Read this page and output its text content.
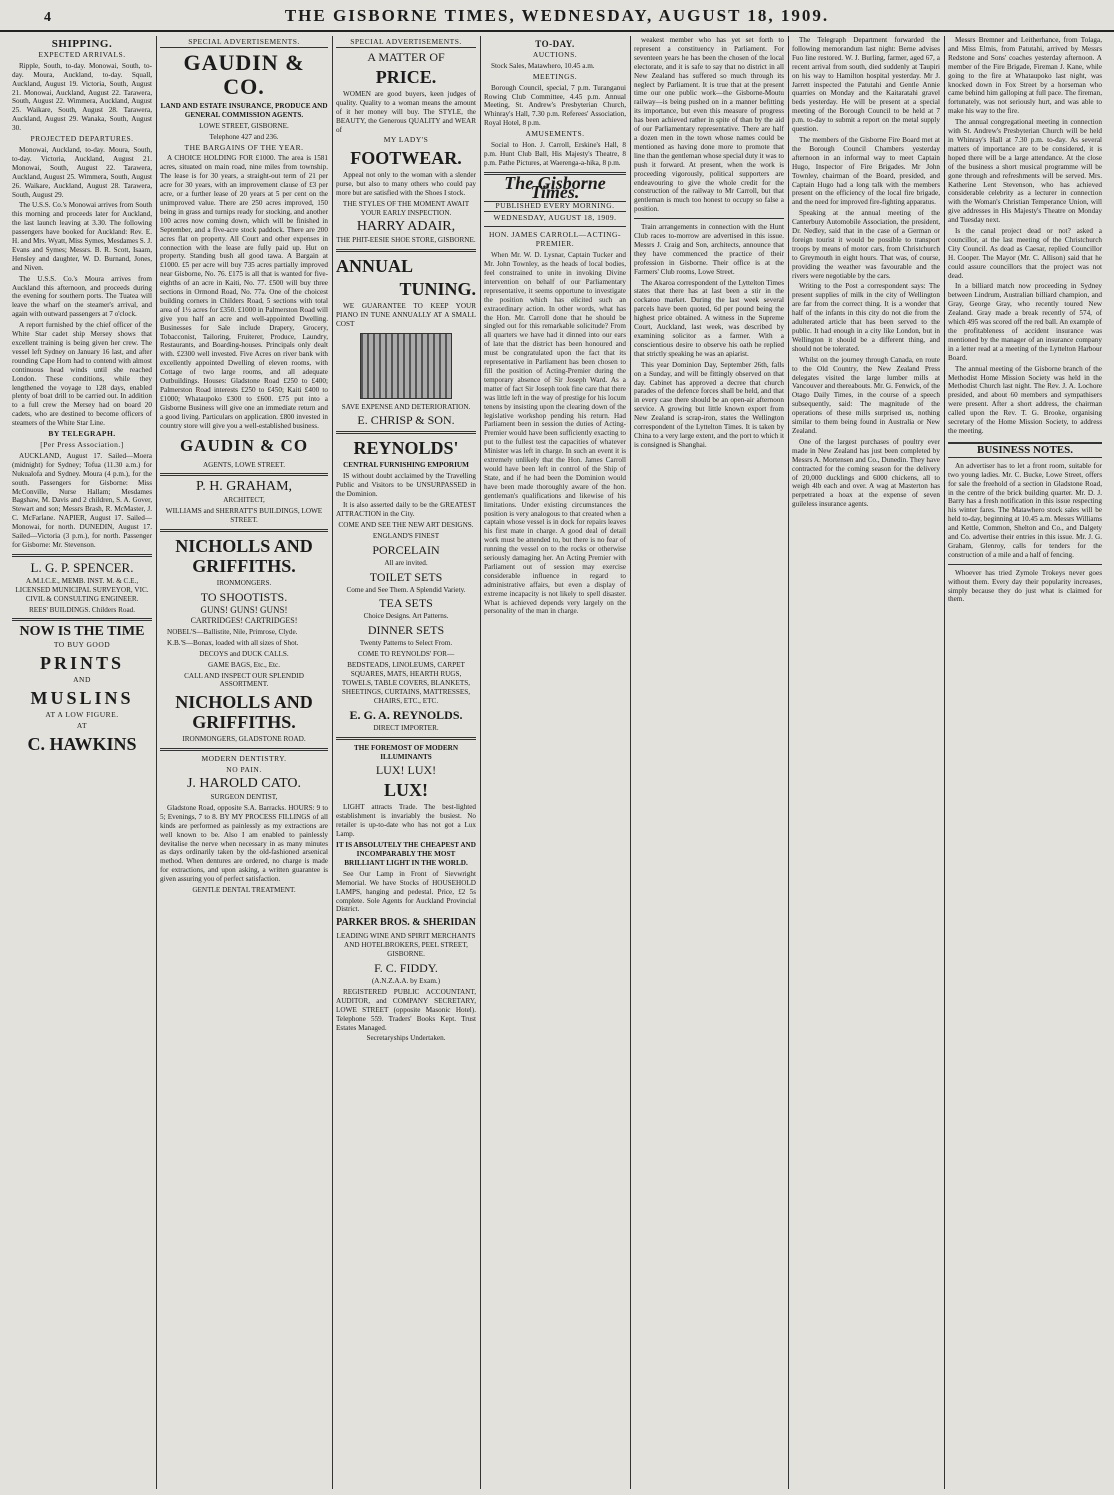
4	THE GISBORNE TIMES, WEDNESDAY, AUGUST 18, 1909.
SHIPPING.
EXPECTED ARRIVALS.

Ripple, South, to-day. Monowai, South, to-day. Moura, Auckland, to-day. Squall, Auckland, August 19. Victoria, South, August 21. Monowai, Auckland, August 22. Tarawera, South, August 22. Wimmera, Auckland, August 25. Waikare, South, August 28. Tarawera, Auckland, August 29. Wanaka, South, August 30.

PROJECTED DEPARTURES.

Monowai, Auckland, to-day. Moura, South, to-day. Victoria, Auckland, August 21. Monowai, South, August 22. Tarawera, Auckland, August 25. Wimmera, South, August 26. Waikare, Auckland, August 28. Tarawera, South, August 29.

The U.S.S. Co.'s Monowai arrives from South this morning and proceeds later for Auckland, the last launch leaving at 3.30. The following passengers have booked for Auckland: Rev. E. H. and Mrs. Wyatt, Miss Symes, Mesdames S. J. Evans and Symes; Messrs. B. R. Scott, Isaam, Hensley and daughter, W. D. Burnand, Jones, and Niven.

The U.S.S. Co.'s Moura arrives from Auckland this afternoon, and proceeds during the evening for southern ports. The Tuatea will leave the wharf on the steamer's arrival, and again with outward passengers at 7 o'clock.

A report furnished by the chief officer of the White Star cadet ship Mersey shows that excellent training is being given her crew. The vessel left Sydney on January 16 last, and after rounding Cape Horn had to contend with almost continuous head winds until she reached London. These conditions, while they lengthened the voyage to 128 days, enabled plenty of boat drill to be carried out. In addition to a full crew the Mersey had on board 20 cadets, who are destined to become officers of steamers of the White Star Line.

BY TELEGRAPH.
[Per Press Association.]

AUCKLAND, August 17. Sailed—Moera (midnight) for Sydney; Tofua (11.30 a.m.) for Nukualofa and Sydney. Moura (4 p.m.), for the south. Passengers for Gisborne: Miss McConville, Nurse Hallam; Mesdames Bagshaw, M. Davis and 2 children, S. A. Gover, Stewart and son; Messrs Brash, R. McMaster, J. C. McFarlane. NAPIER, August 17. Sailed—Monowai, for north. DUNEDIN, August 17. Sailed—Victoria (3 p.m.), for north. Passenger for Gisborne: Mr. Stevenson.

L. G. P. SPENCER.

A.M.I.C.E., MEMB. INST. M. & C.E., LICENSED MUNICIPAL SURVEYOR, VIC. CIVIL & CONSULTING ENGINEER.

REES' BUILDINGS. Childers Road.

NOW IS THE TIME
TO BUY GOOD
PRINTS
AND
MUSLINS
AT A LOW FIGURE.
AT
C. HAWKINS
SPECIAL ADVERTISEMENTS.
GAUDIN & CO.

LAND AND ESTATE INSURANCE, PRODUCE AND GENERAL COMMISSION AGENTS.

LOWE STREET, GISBORNE.

Telephone 427 and 236.

THE BARGAINS OF THE YEAR.

A CHOICE HOLDING FOR £1000. The area is 1581 acres, situated on main road, nine miles from township. The lease is for 30 years, a straight-out term of 21 per acre for 30 years, with an improvement clause of £3 per acre, or a further lease of 20 years at 5 per cent on the unimproved value. There are 250 acres improved, 150 being in grass and turnips ready for stocking, and another 100 acres now coming down, which will be finished in September, and a five-acre stock paddock. There are 200 acres flat on property. All Court and other expenses in connection with the lease are fully paid up. Hut on property. Standing bush all good tawa. A Bargain at £1000. £5 per acre will buy 735 acres partially improved near Gisborne, No. 76. £175 is all that is wanted for five-eighths of an acre in Kaiti, No. 77. £500 will buy three sections in Ormond Road, No. 77a. One of the choicest building corners in Childers Road, 5 sections with total area of 1½ acres for £350. £1000 in Palmerston Road will give you half an acre and well-appointed Dwelling. Businesses for Sale include Drapery, Grocery, Tobacconist, Tailoring, Fruiterer, Produce, Laundry, Restaurants, and Boarding-houses. Principals only dealt with. £2300 well invested. Five Acres on river bank with excellently appointed Dwelling of eleven rooms, with Cottage of two large rooms, and all adequate Outbuildings. Houses: Gladstone Road £250 to £400; Palmerston Road interests £250 to £450; Kaiti £400 to £1000; Whataupoko £300 to £600. £75 put into a Gisborne Business will give one an immediate return and a good living. Particulars on application. £800 invested in country store will give you a well-established business.

GAUDIN & CO

AGENTS, LOWE STREET.

P. H. GRAHAM,

ARCHITECT,

WILLIAMS and SHERRATT'S BUILDINGS, LOWE STREET.

NICHOLLS AND GRIFFITHS.

IRONMONGERS.

TO SHOOTISTS.

GUNS! GUNS! GUNS!

CARTRIDGES! CARTRIDGES!

NOBEL'S—Ballistite, Nile, Primrose, Clyde.

K.B.'S—Bonax, loaded with all sizes of Shot.

DECOYS and DUCK CALLS.

GAME BAGS, Etc., Etc.

CALL AND INSPECT OUR SPLENDID ASSORTMENT.

NICHOLLS AND GRIFFITHS.

IRONMONGERS, GLADSTONE ROAD.

MODERN DENTISTRY.
NO PAIN.
J. HAROLD CATO.

SURGEON DENTIST,

Gladstone Road, opposite S.A. Barracks. HOURS: 9 to 5; Evenings, 7 to 8. BY MY PROCESS FILLINGS of all kinds are performed as painlessly as my extractions are well known to be. Also I am enabled to painlessly devitalise the nerve when necessary in as many minutes as days ordinarily taken by the old-fashioned arsenical method. When dentures are ordered, no charge is made for extractions, and upon asking, a written guarantee is given assuring you of perfect satisfaction.

GENTLE DENTAL TREATMENT.

SPECIAL ADVERTISEMENTS.
A MATTER OF
PRICE.

WOMEN are good buyers, keen judges of quality. Quality to a woman means the amount of it her money will buy. The STYLE, the BEAUTY, the Generous QUALITY and WEAR of

MY LADY'S
FOOTWEAR.

Appeal not only to the woman with a slender purse, but also to many others who could pay more but are satisfied with the Shoes I stock.

THE STYLES OF THE MOMENT AWAIT YOUR EARLY INSPECTION.

HARRY ADAIR,

THE PHIT-EESIE SHOE STORE, GISBORNE.

ANNUAL
TUNING.

WE GUARANTEE TO KEEP YOUR PIANO IN TUNE ANNUALLY AT A SMALL COST

SAVE EXPENSE AND DETERIORATION.

E. CHRISP & SON.
REYNOLDS'

CENTRAL FURNISHING EMPORIUM

IS without doubt acclaimed by the Travelling Public and Visitors to be UNSURPASSED in the Dominion.

It is also asserted daily to be the GREATEST ATTRACTION in the City.

COME AND SEE THE NEW ART DESIGNS.

ENGLAND'S FINEST

PORCELAIN

All are invited.

TOILET SETS

Come and See Them. A Splendid Variety.

TEA SETS

Choice Designs. Art Patterns.

DINNER SETS

Twenty Patterns to Select From.

COME TO REYNOLDS' FOR—

BEDSTEADS, LINOLEUMS, CARPET SQUARES, MATS, HEARTH RUGS, TOWELS, TABLE COVERS, BLANKETS, SHEETINGS, CURTAINS, MATTRESSES, CHAIRS, ETC., ETC.

E. G. A. REYNOLDS.

DIRECT IMPORTER.

THE FOREMOST OF MODERN ILLUMINANTS

LUX! LUX!
LUX!

LIGHT attracts Trade. The best-lighted establishment is invariably the busiest. No retailer is up-to-date who has not got a Lux Lamp.

IT IS ABSOLUTELY THE CHEAPEST AND INCOMPARABLY THE MOST BRILLIANT LIGHT IN THE WORLD.

See Our Lamp in Front of Sievwright Memorial. We have Stocks of HOUSEHOLD LAMPS, hanging and pedestal. Price, £2 5s complete. Sole Agents for Auckland Provincial District.

PARKER BROS. & SHERIDAN

LEADING WINE AND SPIRIT MERCHANTS AND HOTELBROKERS, PEEL STREET, GISBORNE.

F. C. FIDDY.

(A.N.Z.A.A. by Exam.)

REGISTERED PUBLIC ACCOUNTANT, AUDITOR, and COMPANY SECRETARY, LOWE STREET (opposite Masonic Hotel). Telephone 559. Traders' Books Kept. Trust Estates Managed.

Secretaryships Undertaken.

TO-DAY.
AUCTIONS.

Stock Sales, Matawhero, 10.45 a.m.

MEETINGS.

Borough Council, special, 7 p.m. Turanganui Rowing Club Committee, 4.45 p.m. Annual Meeting, St. Andrew's Presbyterian Church, Whinray's Hall, 7.30 p.m. Referees' Association, Royal Hotel, 8 p.m.

AMUSEMENTS.

Social to Hon. J. Carroll, Erskine's Hall, 8 p.m. Hunt Club Ball, His Majesty's Theatre, 8 p.m. Pathe Pictures, at Waerenga-a-hika, 8 p.m.

The Gisborne Times.
PUBLISHED EVERY MORNING.
WEDNESDAY, AUGUST 18, 1909.
HON. JAMES CARROLL—ACTING-PREMIER.

When Mr. W. D. Lysnar, Captain Tucker and Mr. John Townley, as the heads of local bodies, feel constrained to unite in invoking Divine intervention on behalf of our Parliamentary representative, it seems opportune to investigate the position which has elicited such an extraordinary action. In other words, what has the Hon. Mr. Carroll done that he should be singled out for this remarkable solicitude? From all quarters we have had it dinned into our ears of late that the district has been honoured and must be congratulated upon the fact that its representative in Parliament has been chosen to fill the position of Acting-Premier during the temporary absence of Sir Joseph Ward. As a matter of fact Sir Joseph took fine care that there was little left in the way of prestige for his locum tenens by insisting upon the clearing down of the legislative workshop pending his return. Had Parliament been in session the duties of Acting-Premier would have been sufficiently exacting to put to the fullest test the capacities of whatever Minister was left in charge. In such an event it is extremely unlikely that the Hon. James Carroll would have been left in control of the Ship of State, and if he had been the Dominion would have been made thoroughly aware of the hon. gentleman's qualifications and likewise of his limitations. Under existing circumstances the position is very analogous to that created when a captain whose vessel is in dock for repairs leaves his first mate in charge. A good deal of detail work must be attended to, but there is no fear of running the vessel on to the rocks or otherwise seriously damaging her. An Acting Premier with Parliament out of session may exercise considerable influence in regard to administrative affairs, but even a display of extreme incapacity is not likely to spell disaster. What is achieved depends very largely on the personality of the man in charge.

weakest member who has yet set forth to represent a constituency in Parliament. For seventeen years he has been the chosen of the local electorate, and it is safe to say that no district in all New Zealand has suffered so much through its neglect by Parliament. It is true that at the present time our one public work—the Gisborne-Moutu railway—is being pushed on in a manner befitting its importance, but even this measure of progress has been achieved rather in spite of than by the aid of our Parliamentary representative. There are half a dozen men in the town whose names could be mentioned as having done more to promote that line than the gentleman whose special duty it was to push it forward. At present, when the work is proceeding vigorously, political supporters are endeavouring to give the whole credit for the construction of the railway to Mr Carroll, but that gentleman is much too honest to occupy so false a position.

Train arrangements in connection with the Hunt Club races to-morrow are advertised in this issue. Messrs J. Craig and Son, architects, announce that they have commenced the practice of their profession in Gisborne. Their office is at the Farmers' Club rooms, Lowe Street.

The Akaroa correspondent of the Lyttelton Times states that there has at last been a stir in the cockatoo market. During the last week several parcels have been quoted, 6d per pound being the highest price obtained. A witness in the Supreme Court, Auckland, last week, was described by examining solicitor as a farmer. With a conscientious desire to observe his oath he replied that strictly speaking he was an apiarist.

This year Dominion Day, September 26th, falls on a Sunday, and will be fittingly observed on that day. Cabinet has approved a decree that church parades of the defence forces shall be held, and that in every case there should be an open-air afternoon service. A growing but little known export from New Zealand is scrap-iron, states the Wellington correspondent of the Lyttelton Times. It is taken by China to a very large extent, and the port to which it is consigned is Shanghai.

The Telegraph Department forwarded the following memorandum last night: Berne advises Fuo line restored. W. J. Burling, farmer, aged 67, a recent arrival from south, died suddenly at Taupiri on his way to Hamilton hospital yesterday. Mr J. Jarrett inspected the Patutahi and Gentle Annie quarries on Monday and the Kaitaratahi gravel beds yesterday. He will be present at a special meeting of the Borough Council to be held at 7 p.m. to-day to submit a report on the metal supply question.

The members of the Gisborne Fire Board met at the Borough Council Chambers yesterday afternoon in an informal way to meet Captain Hugo, Inspector of Fire Brigades. Mr John Townley, chairman of the Board, presided, and Captain Hugo had a long talk with the members present on the efficiency of the local fire brigade, and the need for improved fire-fighting apparatus.

Speaking at the annual meeting of the Canterbury Automobile Association, the president, Dr. Nedley, said that in the case of a German or foreign tourist it would be possible to transport troops by means of motor cars, from Christchurch to Greymouth in eight hours. That was, of course, providing the weather was favourable and the rivers were negotiable by the cars.

Writing to the Post a correspondent says: The present supplies of milk in the city of Wellington are far from the correct thing. It is a wonder that half of the infants in this city do not die from the adulterated article that has been served to the public. It had enough in a city like London, but in Wellington it should be a different thing, and should not be tolerated.

Whilst on the journey through Canada, en route to the Old Country, the New Zealand Press delegates visited the large lumber mills at Vancouver and thereabouts. Mr. G. Fenwick, of the Otago Daily Times, in the course of a speech subsequently, said: The magnitude of the operations of these mills surprised us, nothing similar to them being found in Australia or New Zealand.

One of the largest purchases of poultry ever made in New Zealand has just been completed by Messrs A. Mortensen and Co., Dunedin. They have contracted for the coming season for the delivery of 20,000 ducklings and 6000 chickens, all to weigh 4lb each and over. A wag at Masterton has perpetrated a hoax at the expense of seven guileless insurance agents.

Messrs Bremner and Leitherhance, from Tolaga, and Miss Elmis, from Patutahi, arrived by Messrs Redstone and Sons' coaches yesterday afternoon. A member of the Fire Brigade, Fireman J. Kane, while going to the fire at Whataupoko last night, was knocked down in Fox Street by a horseman who came behind him galloping at full pace. The fireman, fortunately, was not seriously hurt, and was able to make his way to the fire.

The annual congregational meeting in connection with St. Andrew's Presbyterian Church will be held in Whinray's Hall at 7.30 p.m. to-day. As several matters of importance are to be considered, it is hoped there will be a large attendance. At the close of the business a short musical programme will be gone through and refreshments will be served. Mrs. Katherine Lent Stevenson, who has achieved considerable celebrity as a lecturer in connection with the Woman's Christian Temperance Union, will give addresses in His Majesty's Theatre on Monday and Tuesday next.

Is the canal project dead or not? asked a councillor, at the last meeting of the Christchurch City Council. As dead as Caesar, replied Councillor H. Cooper. The Mayor (Mr. C. Allison) said that he could assure councillors that the project was not dead.

In a billiard match now proceeding in Sydney between Lindrum, Australian billiard champion, and Gray, George Gray, who recently toured New Zealand. Gray made a break recently of 574, of which 495 was scored off the red ball. An example of the profitableness of accident insurance was mentioned by the manager of an insurance company in a letter read at a meeting of the Lyttelton Harbour Board.

The annual meeting of the Gisborne branch of the Methodist Home Mission Society was held in the Methodist Church last night. The Rev. J. A. Lochore presided, and about 60 members and sympathisers were present. After a short address, the chairman called upon the Rev. T. G. Brooke, organising secretary of the Home Mission Society, to address the meeting.

BUSINESS NOTES.

An advertiser has to let a front room, suitable for two young ladies. Mr. C. Bucke, Lowe Street, offers for sale the freehold of a section in Gladstone Road, in the centre of the brick building quarter. Mr. D. J. Barry has a fresh notification in this issue respecting his winter fares. The Matawhero stock sales will be held to-day, beginning at 10.45 a.m. Messrs Williams and Kettle, Common, Shelton and Co., and Dalgety and Co. advertise their entries in this issue. Mr. J. G. Graham, Glenroy, calls for tenders for the construction of a mile and a half of fencing.

Whoever has tried Zymole Trokeys never goes without them. Every day their popularity increases, simply because they do just what is claimed for them.
